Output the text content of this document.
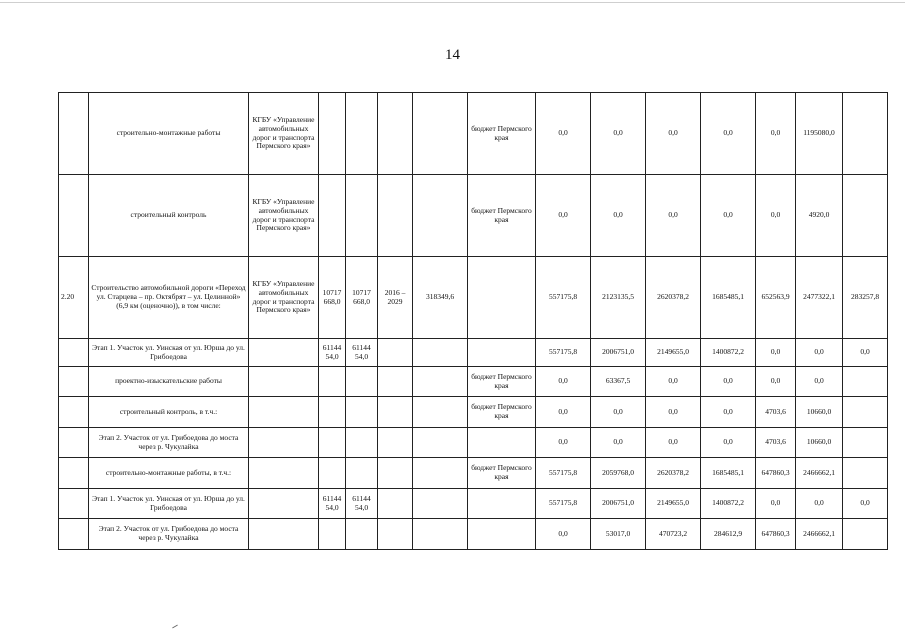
14
	строительно-монтажные работы	КГБУ «Управление автомобильных дорог и транспорта Пермского края»					бюджет Пермского края	0,0	0,0	0,0	0,0	0,0	1195080,0	
	строительный контроль	КГБУ «Управление автомобильных дорог и транспорта Пермского края»					бюджет Пермского края	0,0	0,0	0,0	0,0	0,0	4920,0	
2.20	Строительство автомобильной дороги «Переход ул. Старцева – пр. Октябрят – ул. Целинной» (6,9 км (оценочно)), в том числе:	КГБУ «Управление автомобильных дорог и транспорта Пермского края»	10717 668,0	10717 668,0	2016 – 2029	318349,6		557175,8	2123135,5	2620378,2	1685485,1	652563,9	2477322,1	283257,8
	Этап 1. Участок ул. Уинская от ул. Юрша до ул. Грибоедова		61144 54,0	61144 54,0				557175,8	2006751,0	2149655,0	1400872,2	0,0	0,0	0,0
	проектно-изыскательские работы						бюджет Пермского края	0,0	63367,5	0,0	0,0	0,0	0,0	
	строительный контроль, в т.ч.:						бюджет Пермского края	0,0	0,0	0,0	0,0	4703,6	10660,0	
	Этап 2. Участок от ул. Грибоедова до моста через р. Чукулайка							0,0	0,0	0,0	0,0	4703,6	10660,0	
	строительно-монтажные работы, в т.ч.:						бюджет Пермского края	557175,8	2059768,0	2620378,2	1685485,1	647860,3	2466662,1	
	Этап 1. Участок ул. Уинская от ул. Юрша до ул. Грибоедова		61144 54,0	61144 54,0				557175,8	2006751,0	2149655,0	1400872,2	0,0	0,0	0,0
	Этап 2. Участок от ул. Грибоедова до моста через р. Чукулайка							0,0	53017,0	470723,2	284612,9	647860,3	2466662,1	
